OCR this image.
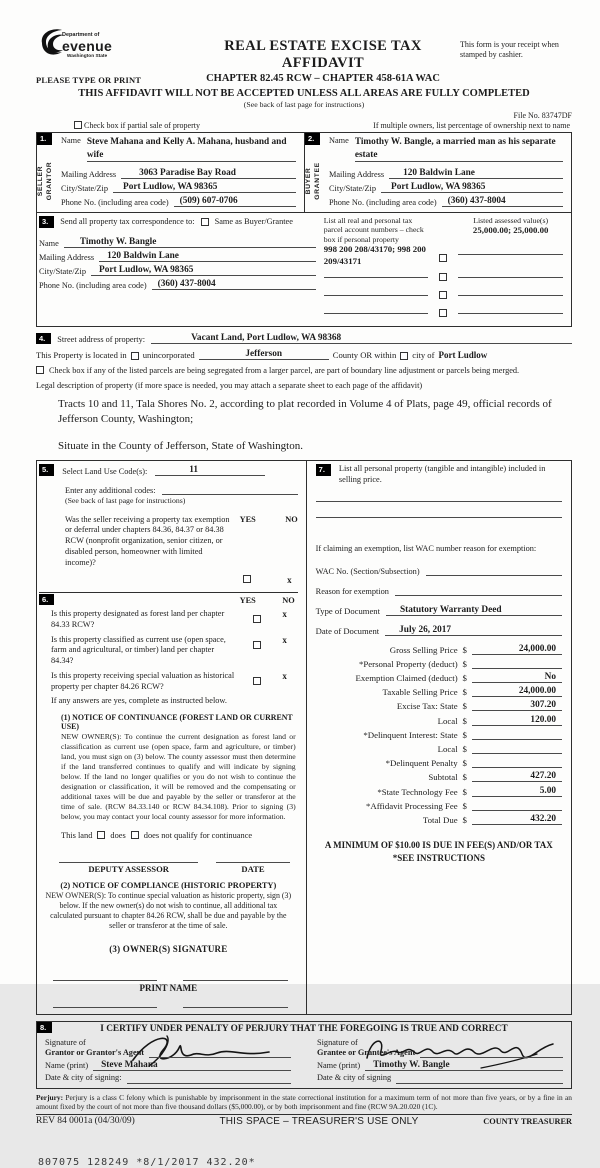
Department of
evenue
Washington State
PLEASE TYPE OR PRINT
REAL ESTATE EXCISE TAX AFFIDAVIT
CHAPTER 82.45 RCW – CHAPTER 458-61A WAC
This form is your receipt when stamped by cashier.
THIS AFFIDAVIT WILL NOT BE ACCEPTED UNLESS ALL AREAS ARE FULLY COMPLETED
(See back of last page for instructions)
File No. 83747DF
Check box if partial sale of property	If multiple owners, list percentage of ownership next to name
1.
SELLER GRANTOR
Name Steve Mahana and Kelly A. Mahana, husband and wife
Mailing Address	3063 Paradise Bay Road
City/State/Zip	Port Ludlow, WA 98365
Phone No. (including area code)	(509) 607-0706
2.
BUYER GRANTEE
Name Timothy W. Bangle, a married man as his separate estate
Mailing Address	120 Baldwin Lane
City/State/Zip	Port Ludlow, WA 98365
Phone No. (including area code)	(360) 437-8004
3.	Send all property tax correspondence to: Same as Buyer/Grantee
Name	Timothy W. Bangle
Mailing Address	120 Baldwin Lane
City/State/Zip	Port Ludlow, WA 98365
Phone No. (including area code)	(360) 437-8004
List all real and personal tax parcel account numbers – check box if personal property
Listed assessed value(s)
25,000.00; 25,000.00
998 200 208/43170; 998 200 209/43171
4.	Street address of property:	Vacant Land, Port Ludlow, WA 98368
This Property is located in unincorporated	Jefferson	County OR within city of Port Ludlow
Check box if any of the listed parcels are being segregated from a larger parcel, are part of boundary line adjustment or parcels being merged.
Legal description of property (if more space is needed, you may attach a separate sheet to each page of the affidavit)
Tracts 10 and 11, Tala Shores No. 2, according to plat recorded in Volume 4 of Plats, page 49, official records of Jefferson County, Washington;
Situate in the County of Jefferson, State of Washington.
5.	Select Land Use Code(s):	11
Enter any additional codes:
(See back of last page for instructions)
Was the seller receiving a property tax exemption or deferral under chapters 84.36, 84.37 or 84.38 RCW (nonprofit organization, senior citizen, or disabled person, homeowner with limited income)?
YES	NO
x
6.	YES	NO
Is this property designated as forest land per chapter 84.33 RCW?
x
Is this property classified as current use (open space, farm and agricultural, or timber) land per chapter 84.34?
x
Is this property receiving special valuation as historical property per chapter 84.26 RCW?
x
If any answers are yes, complete as instructed below.
(1) NOTICE OF CONTINUANCE (FOREST LAND OR CURRENT USE)
NEW OWNER(S): To continue the current designation as forest land or classification as current use (open space, farm and agriculture, or timber) land, you must sign on (3) below. The county assessor must then determine if the land transferred continues to qualify and will indicate by signing below. If the land no longer qualifies or you do not wish to continue the designation or classification, it will be removed and the compensating or additional taxes will be due and payable by the seller or transferor at the time of sale. (RCW 84.33.140 or RCW 84.34.108). Prior to signing (3) below, you may contact your local county assessor for more information.
This land does does not qualify for continuance
DEPUTY ASSESSOR	DATE
(2) NOTICE OF COMPLIANCE (HISTORIC PROPERTY)
NEW OWNER(S): To continue special valuation as historic property, sign (3) below. If the new owner(s) do not wish to continue, all additional tax calculated pursuant to chapter 84.26 RCW, shall be due and payable by the seller or transferor at the time of sale.
(3) OWNER(S) SIGNATURE
PRINT NAME
7.	List all personal property (tangible and intangible) included in selling price.
If claiming an exemption, list WAC number reason for exemption:
WAC No. (Section/Subsection)
Reason for exemption
Type of Document	Statutory Warranty Deed
Date of Document	July 26, 2017
Gross Selling Price $	24,000.00
*Personal Property (deduct) $
Exemption Claimed (deduct) $	No
Taxable Selling Price $	24,000.00
Excise Tax: State $	307.20
Local $	120.00
*Delinquent Interest: State $
Local $
*Delinquent Penalty $
Subtotal $	427.20
*State Technology Fee $	5.00
*Affidavit Processing Fee $
Total Due $	432.20
A MINIMUM OF $10.00 IS DUE IN FEE(S) AND/OR TAX
*SEE INSTRUCTIONS
8.	I CERTIFY UNDER PENALTY OF PERJURY THAT THE FOREGOING IS TRUE AND CORRECT
Signature of
Grantor or Grantor's Agent
Name (print)	Steve Mahana
Date & city of signing:
Signature of
Grantee or Grantee's Agent
Name (print)	Timothy W. Bangle
Date & city of signing
Perjury: Perjury is a class C felony which is punishable by imprisonment in the state correctional institution for a maximum term of not more than five years, or by a fine in an amount fixed by the court of not more than five thousand dollars ($5,000.00), or by both imprisonment and fine (RCW 9A.20.020 (1C).
REV 84 0001a (04/30/09)	THIS SPACE – TREASURER'S USE ONLY	COUNTY TREASURER
807075 128249 *8/1/2017 432.20*
